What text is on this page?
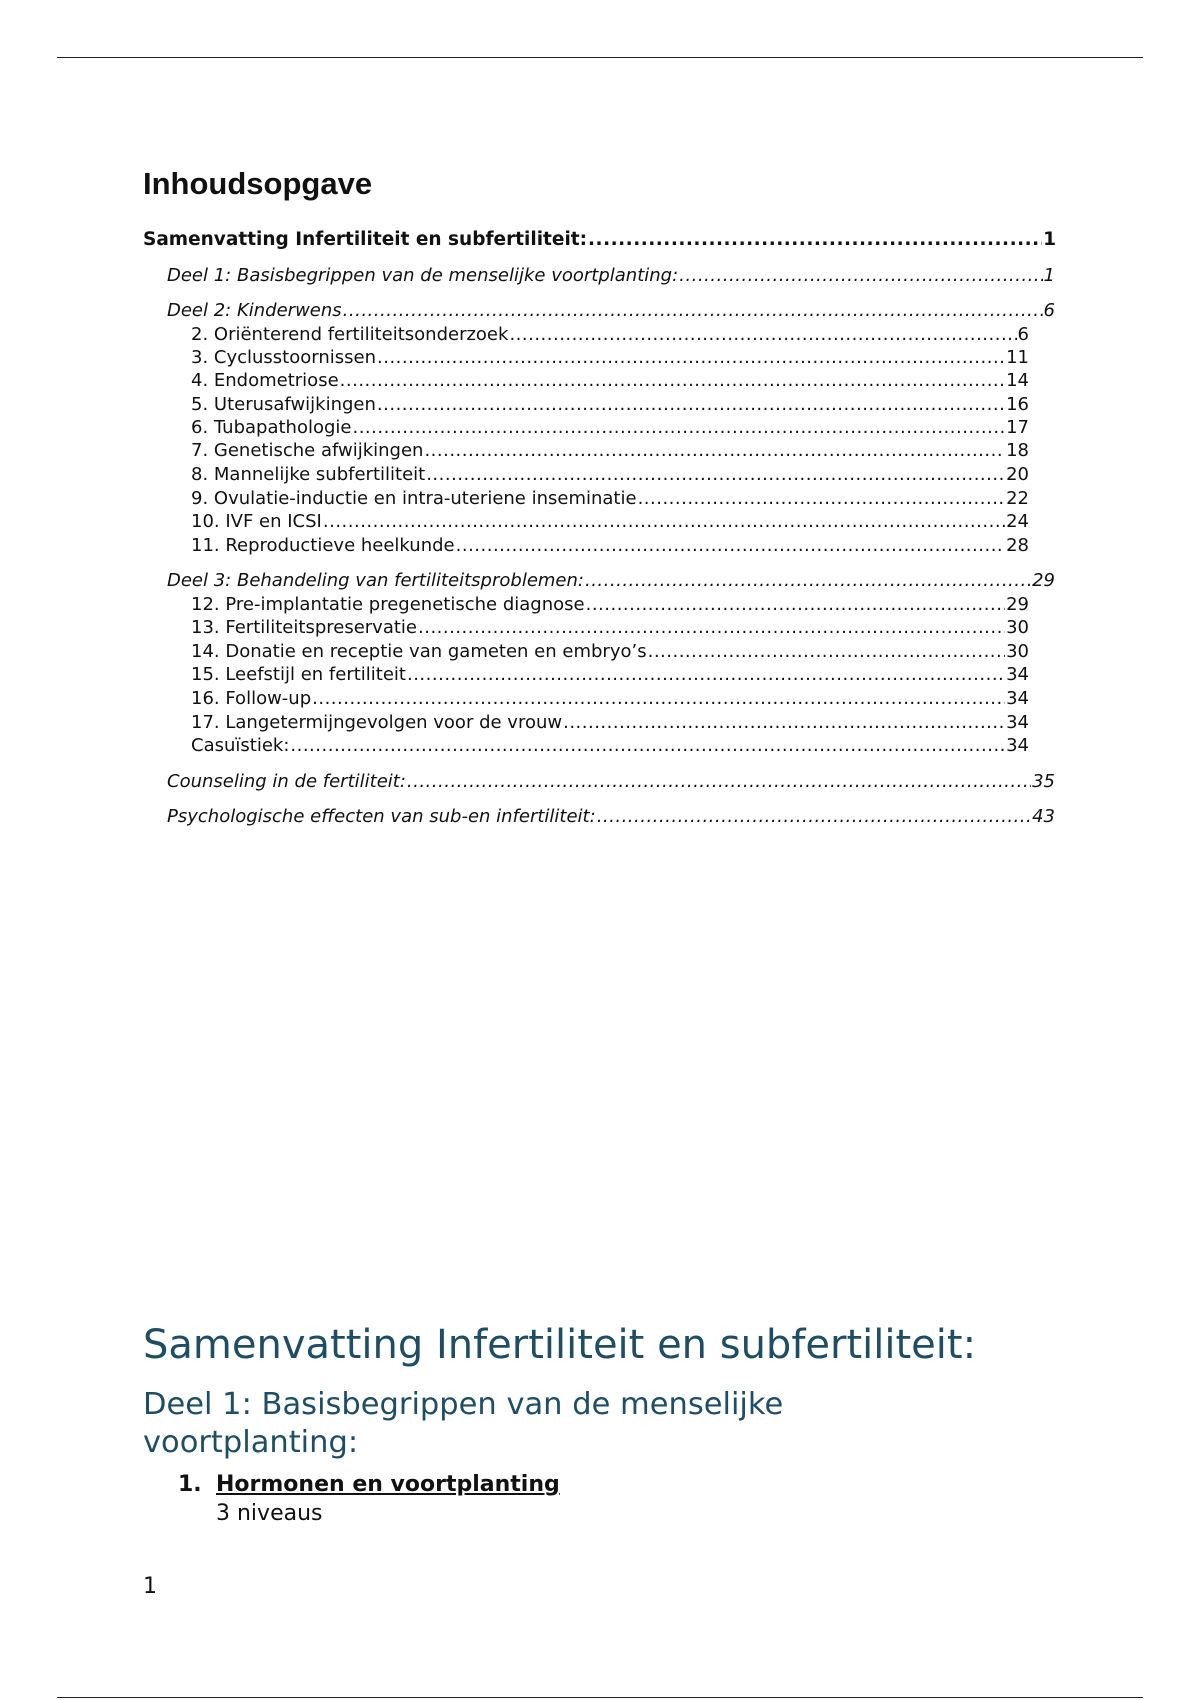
Inhoudsopgave
Samenvatting Infertiliteit en subfertiliteit: .....	1
Deel 1: Basisbegrippen van de menselijke voortplanting: .....	1
Deel 2: Kinderwens .....	6
2. Oriënterend fertiliteitsonderzoek .....	6
3. Cyclusstoornissen .....	11
4. Endometriose .....	14
5. Uterusafwijkingen .....	16
6. Tubapathologie .....	17
7. Genetische afwijkingen .....	18
8. Mannelijke subfertiliteit .....	20
9. Ovulatie-inductie en intra-uteriene inseminatie .....	22
10. IVF en ICSI .....	24
11. Reproductieve heelkunde .....	28
Deel 3: Behandeling van fertiliteitsproblemen: .....	29
12. Pre-implantatie pregenetische diagnose .....	29
13. Fertiliteitspreservatie .....	30
14. Donatie en receptie van gameten en embryo’s .....	30
15. Leefstijl en fertiliteit .....	34
16. Follow-up .....	34
17. Langetermijngevolgen voor de vrouw .....	34
Casuïstiek: .....	34
Counseling in de fertiliteit: .....	35
Psychologische effecten van sub-en infertiliteit: .....	43
Samenvatting Infertiliteit en subfertiliteit:
Deel 1: Basisbegrippen van de menselijke voortplanting:
1. Hormonen en voortplanting
3 niveaus
1
